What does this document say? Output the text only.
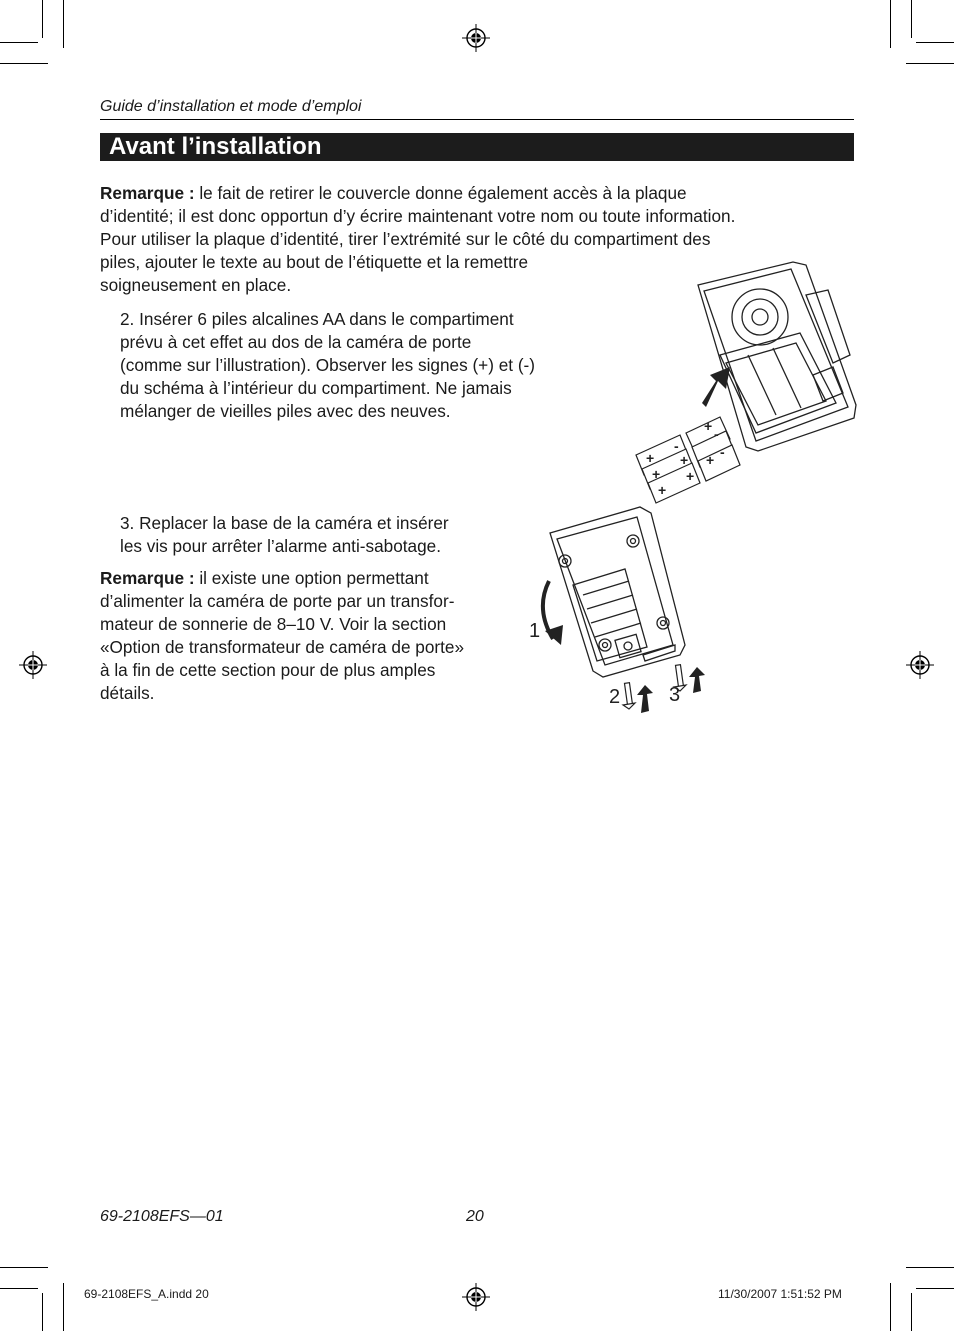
Guide d’installation et mode d’emploi
Avant l’installation
Remarque : le fait de retirer le couvercle donne également accès à la plaque
d’identité; il est donc opportun d’y écrire maintenant votre nom ou toute information.
Pour utiliser la plaque d’identité, tirer l’extrémité sur le côté du compartiment des
piles, ajouter le texte au bout de l’étiquette et la remettre
soigneusement en place.
2. Insérer 6 piles alcalines AA dans le compartiment
prévu à cet effet au dos de la caméra de porte
(comme sur l’illustration). Observer les signes (+) et (-)
du schéma à l’intérieur du compartiment. Ne jamais
mélanger de vieilles piles avec des neuves.
3. Replacer la base de la caméra et insérer
les vis pour arrêter l’alarme anti-sabotage.
Remarque : il existe une option permettant
d’alimenter la caméra de porte par un transfor-
mateur de sonnerie de 8–10 V. Voir la section
«Option de transformateur de caméra de porte»
à la fin de cette section pour de plus amples
détails.
+
-
+
+
+
+
+ -
+ -
1
2 3
69-2108EFS—01	20
69-2108EFS_A.indd 20	11/30/2007 1:51:52 PM
